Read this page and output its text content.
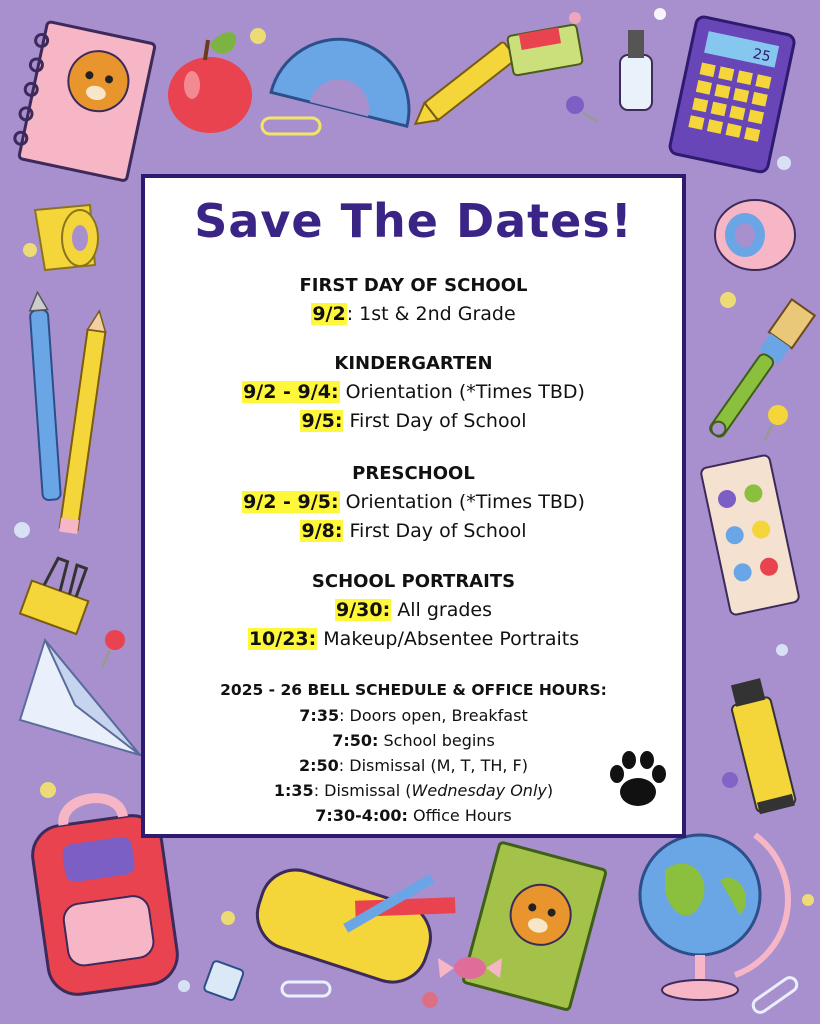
25
Save The Dates!
FIRST DAY OF SCHOOL
9/2: 1st & 2nd Grade
KINDERGARTEN
9/2 - 9/4: Orientation (*Times TBD)
9/5: First Day of School
PRESCHOOL
9/2 - 9/5: Orientation (*Times TBD)
9/8: First Day of School
SCHOOL PORTRAITS
9/30: All grades
10/23: Makeup/Absentee Portraits
2025 - 26 BELL SCHEDULE & OFFICE HOURS:
7:35: Doors open, Breakfast
7:50: School begins
2:50: Dismissal (M, T, TH, F)
1:35: Dismissal (Wednesday Only)
7:30-4:00: Office Hours
